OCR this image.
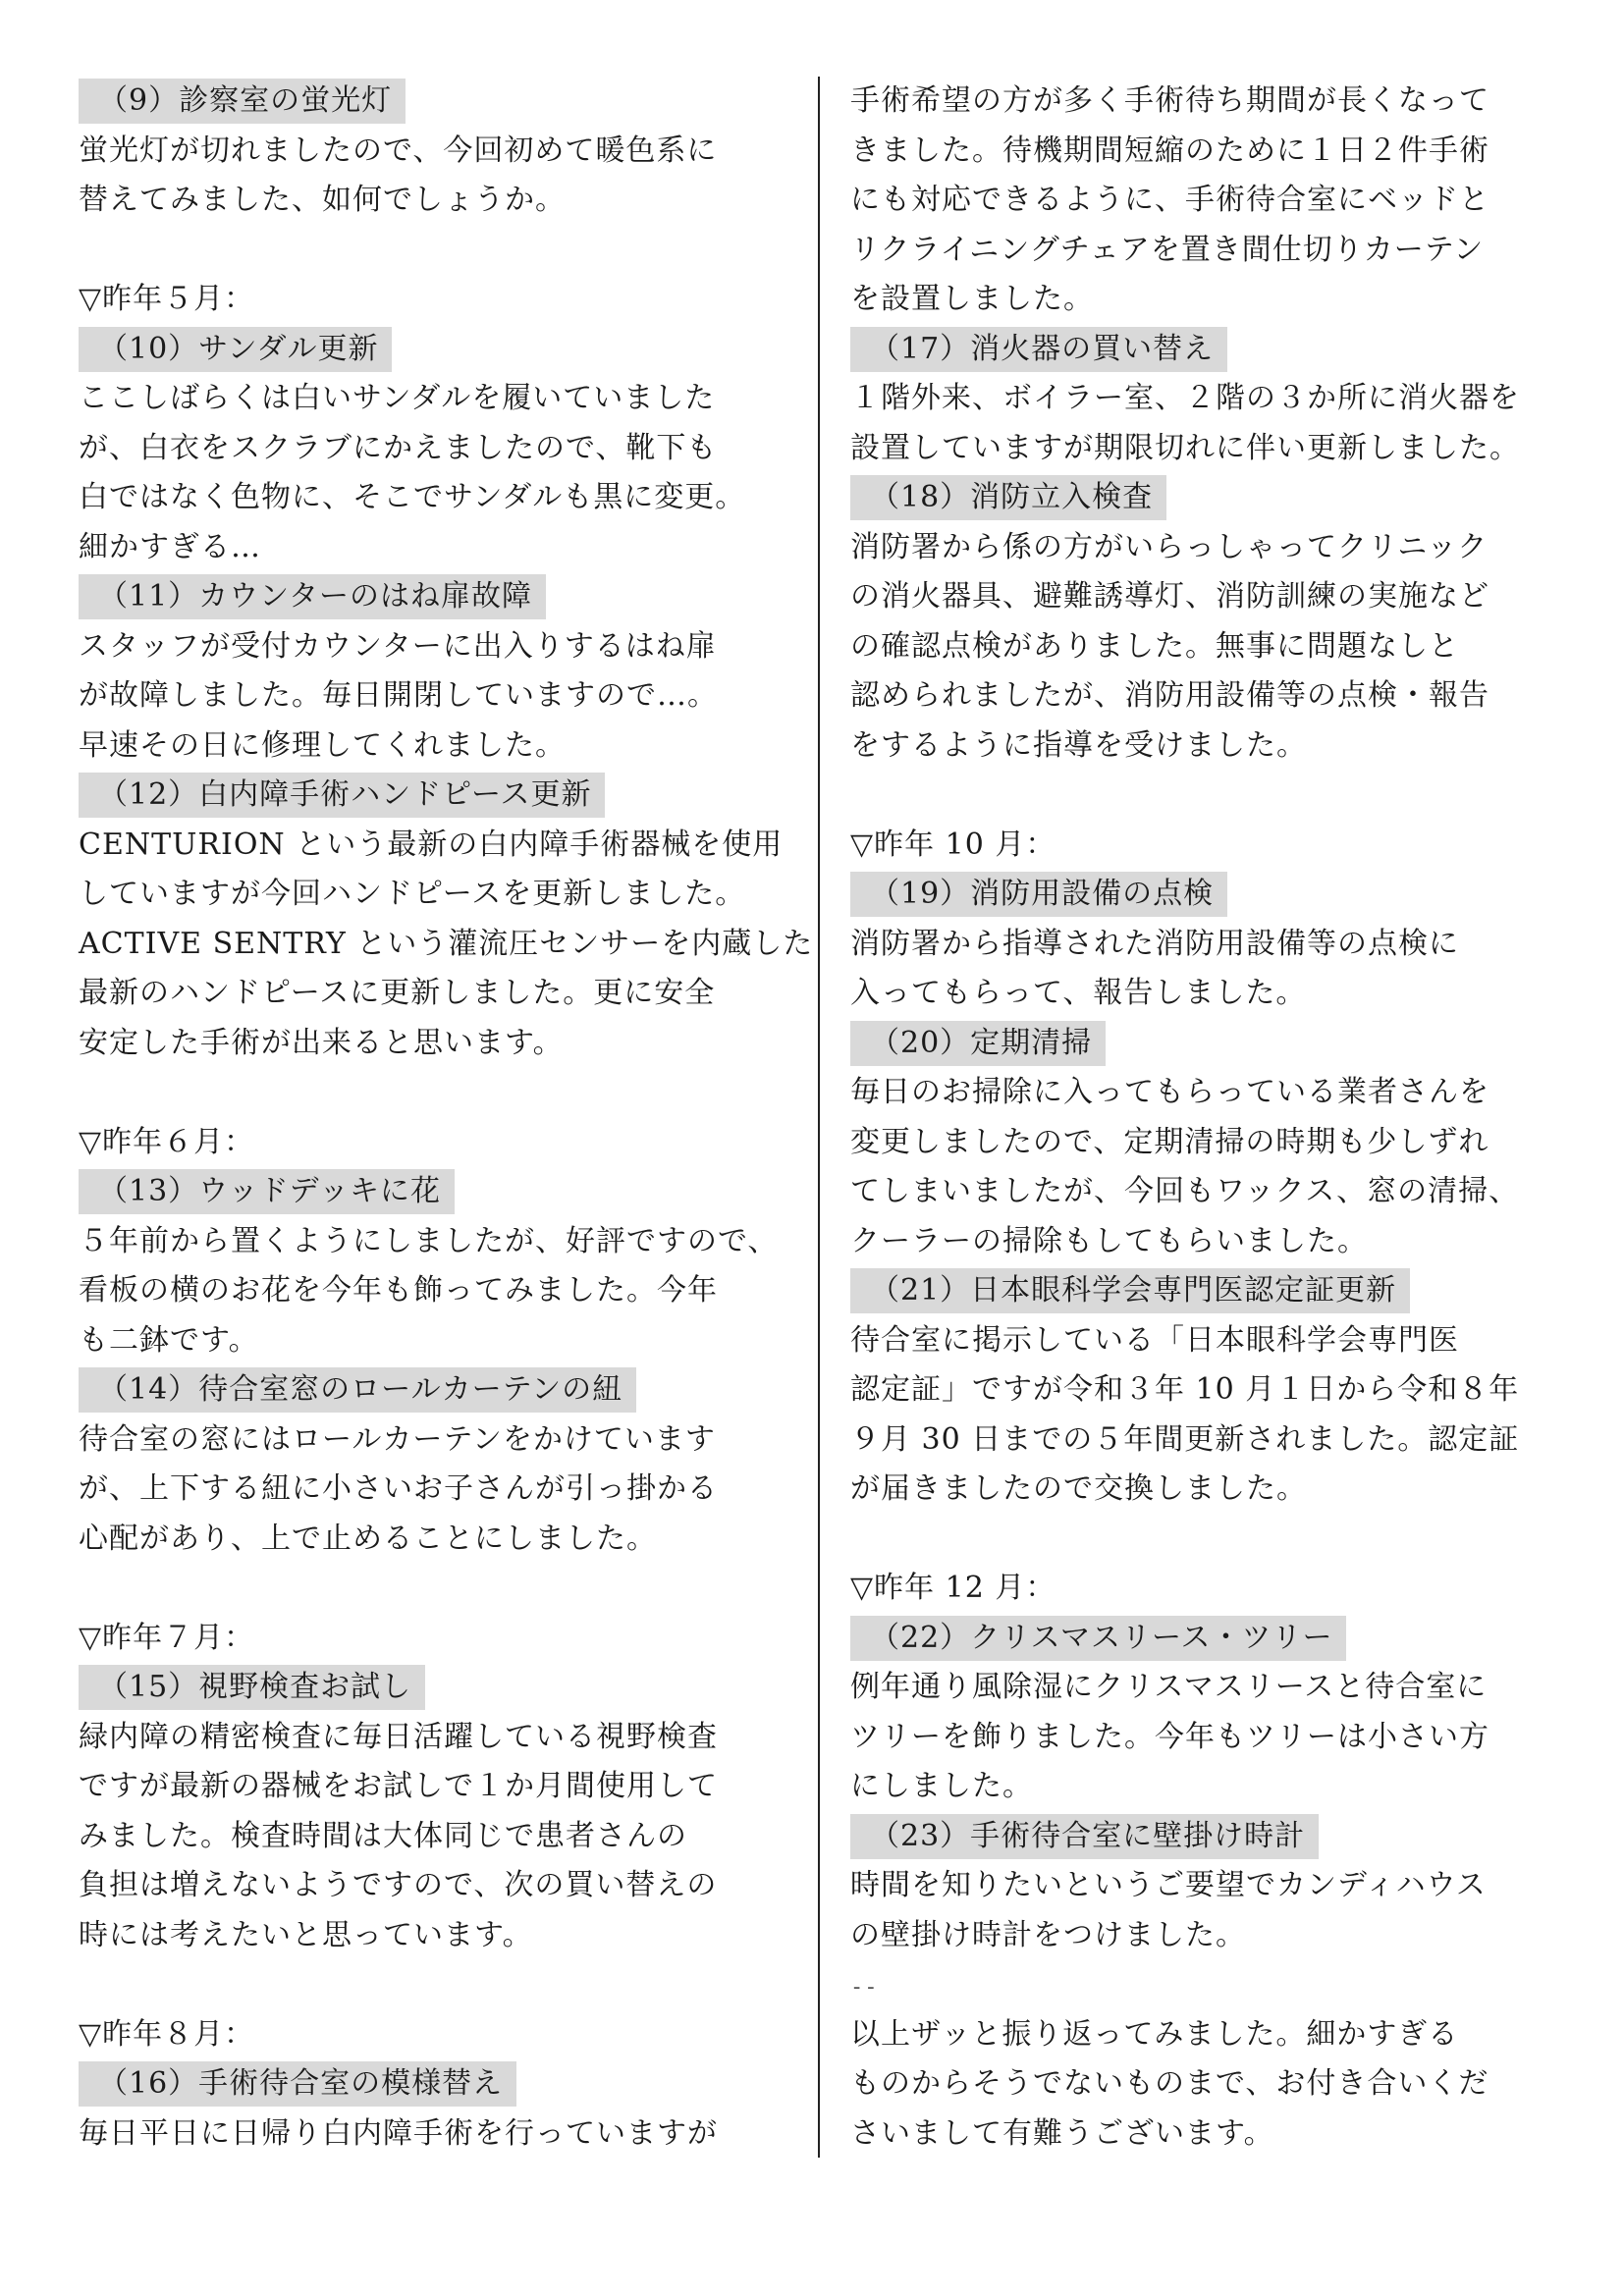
（9）診察室の蛍光灯
蛍光灯が切れましたので、今回初めて暖色系に
替えてみました、如何でしょうか。
▽昨年５月：
（10）サンダル更新
ここしばらくは白いサンダルを履いていました
が、白衣をスクラブにかえましたので、靴下も
白ではなく色物に、そこでサンダルも黒に変更。
細かすぎる…
（11）カウンターのはね扉故障
スタッフが受付カウンターに出入りするはね扉
が故障しました。毎日開閉していますので…。
早速その日に修理してくれました。
（12）白内障手術ハンドピース更新
CENTURION という最新の白内障手術器械を使用
していますが今回ハンドピースを更新しました。
ACTIVE SENTRY という灌流圧センサーを内蔵した
最新のハンドピースに更新しました。更に安全
安定した手術が出来ると思います。
▽昨年６月：
（13）ウッドデッキに花
５年前から置くようにしましたが、好評ですので、
看板の横のお花を今年も飾ってみました。今年
も二鉢です。
（14）待合室窓のロールカーテンの紐
待合室の窓にはロールカーテンをかけています
が、上下する紐に小さいお子さんが引っ掛かる
心配があり、上で止めることにしました。
▽昨年７月：
（15）視野検査お試し
緑内障の精密検査に毎日活躍している視野検査
ですが最新の器械をお試しで１か月間使用して
みました。検査時間は大体同じで患者さんの
負担は増えないようですので、次の買い替えの
時には考えたいと思っています。
▽昨年８月：
（16）手術待合室の模様替え
毎日平日に日帰り白内障手術を行っていますが
手術希望の方が多く手術待ち期間が長くなって
きました。待機期間短縮のために１日２件手術
にも対応できるように、手術待合室にベッドと
リクライニングチェアを置き間仕切りカーテン
を設置しました。
（17）消火器の買い替え
１階外来、ボイラー室、２階の３か所に消火器を
設置していますが期限切れに伴い更新しました。
（18）消防立入検査
消防署から係の方がいらっしゃってクリニック
の消火器具、避難誘導灯、消防訓練の実施など
の確認点検がありました。無事に問題なしと
認められましたが、消防用設備等の点検・報告
をするように指導を受けました。
▽昨年 10 月：
（19）消防用設備の点検
消防署から指導された消防用設備等の点検に
入ってもらって、報告しました。
（20）定期清掃
毎日のお掃除に入ってもらっている業者さんを
変更しましたので、定期清掃の時期も少しずれ
てしまいましたが、今回もワックス、窓の清掃、
クーラーの掃除もしてもらいました。
（21）日本眼科学会専門医認定証更新
待合室に掲示している「日本眼科学会専門医
認定証」ですが令和３年 10 月１日から令和８年
９月 30 日までの５年間更新されました。認定証
が届きましたので交換しました。
▽昨年 12 月：
（22）クリスマスリース・ツリー
例年通り風除湿にクリスマスリースと待合室に
ツリーを飾りました。今年もツリーは小さい方
にしました。
（23）手術待合室に壁掛け時計
時間を知りたいというご要望でカンディハウス
の壁掛け時計をつけました。
--
以上ザッと振り返ってみました。細かすぎる
ものからそうでないものまで、お付き合いくだ
さいまして有難うございます。
